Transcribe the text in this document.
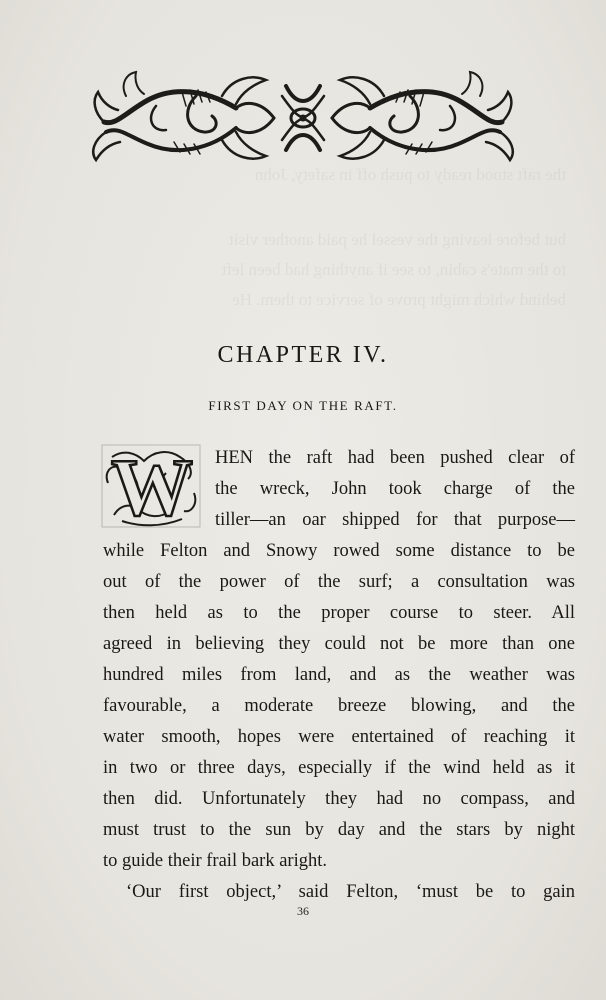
the raft stood ready to push off in safety, John
but before leaving the vessel he paid another visit
to the mate's cabin, to see if anything had been left
behind which might prove of service to them. He
CHAPTER IV.
FIRST DAY ON THE RAFT.
W HEN the raft had been pushed clear of
the wreck, John took charge of the
tiller—an oar shipped for that purpose—
while Felton and Snowy rowed some distance to be
out of the power of the surf; a consultation was
then held as to the proper course to steer. All
agreed in believing they could not be more than one
hundred miles from land, and as the weather was
favourable, a moderate breeze blowing, and the
water smooth, hopes were entertained of reaching it
in two or three days, especially if the wind held as it
then did. Unfortunately they had no compass, and
must trust to the sun by day and the stars by night
to guide their frail bark aright.
‘Our first object,’ said Felton, ‘must be to gain
36
